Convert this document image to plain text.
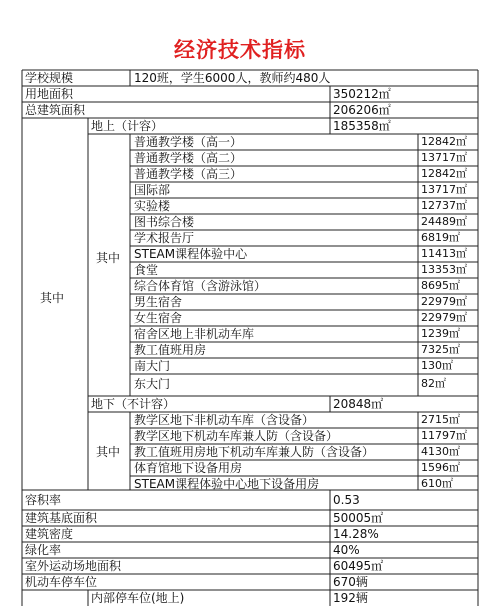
经济技术指标
学校规模	120班，学生6000人，教师约480人
用地面积	350212㎡
总建筑面积	206206㎡
其中
地上（计容）	185358㎡
其中
普通教学楼（高一）	12842㎡
普通教学楼（高二）	13717㎡
普通教学楼（高三）	12842㎡
国际部	13717㎡
实验楼	12737㎡
图书综合楼	24489㎡
学术报告厅	6819㎡
STEAM课程体验中心	11413㎡
食堂	13353㎡
综合体育馆（含游泳馆）	8695㎡
男生宿舍	22979㎡
女生宿舍	22979㎡
宿舍区地上非机动车库	1239㎡
教工值班用房	7325㎡
南大门	130㎡
东大门	82㎡
地下（不计容）	20848㎡
其中
教学区地下非机动车库（含设备）	2715㎡
教学区地下机动车库兼人防（含设备）	11797㎡
教工值班用房地下机动车库兼人防（含设备）	4130㎡
体育馆地下设备用房	1596㎡
STEAM课程体验中心地下设备用房	610㎡
容积率	0.53
建筑基底面积	50005㎡
建筑密度	14.28%
绿化率	40%
室外运动场地面积	60495㎡
机动车停车位	670辆
内部停车位(地上)	192辆
